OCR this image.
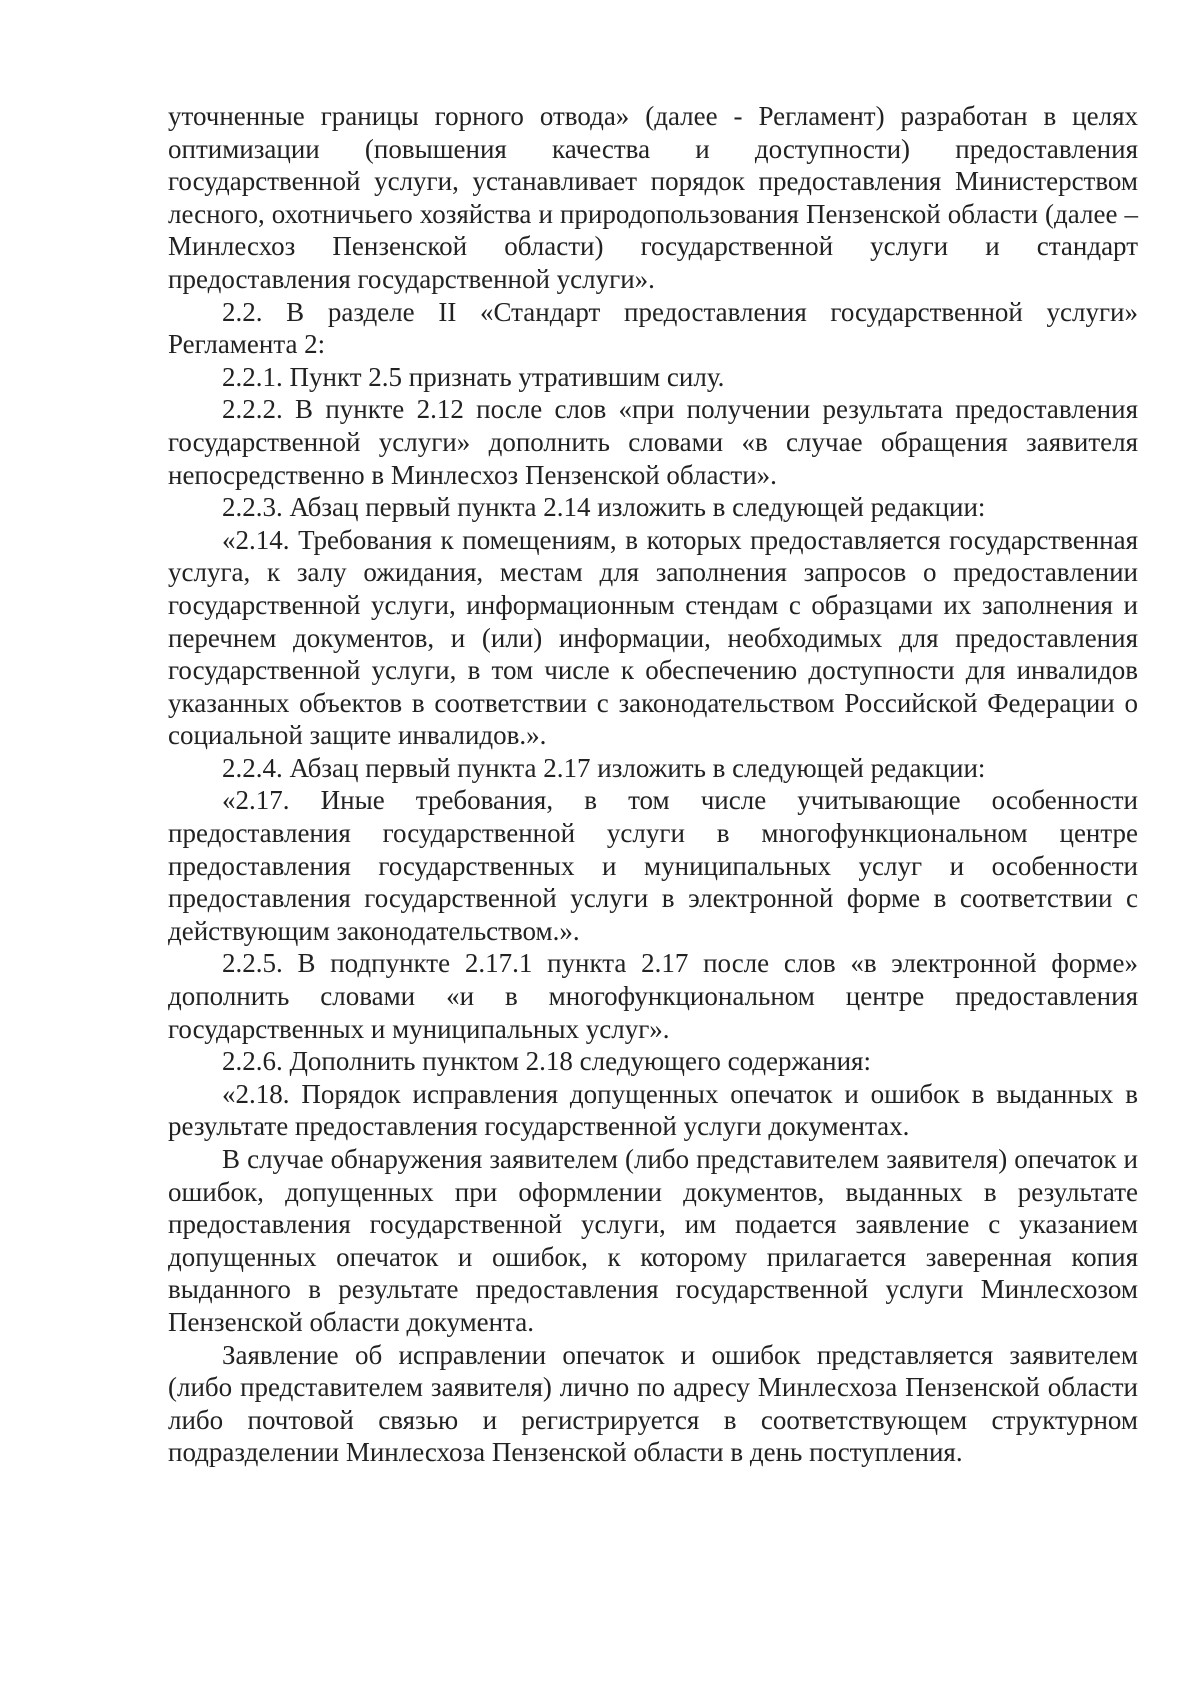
уточненные границы горного отвода» (далее - Регламент) разработан в целях оптимизации (повышения качества и доступности) предоставления государственной услуги, устанавливает порядок предоставления Министерством лесного, охотничьего хозяйства и природопользования Пензенской области (далее – Минлесхоз Пензенской области) государственной услуги и стандарт предоставления государственной услуги».

2.2. В разделе II «Стандарт предоставления государственной услуги» Регламента 2:

2.2.1. Пункт 2.5 признать утратившим силу.

2.2.2. В пункте 2.12 после слов «при получении результата предоставления государственной услуги» дополнить словами «в случае обращения заявителя непосредственно в Минлесхоз Пензенской области».

2.2.3. Абзац первый пункта 2.14 изложить в следующей редакции:

«2.14. Требования к помещениям, в которых предоставляется государственная услуга, к залу ожидания, местам для заполнения запросов о предоставлении государственной услуги, информационным стендам с образцами их заполнения и перечнем документов, и (или) информации, необходимых для предоставления государственной услуги, в том числе к обеспечению доступности для инвалидов указанных объектов в соответствии с законодательством Российской Федерации о социальной защите инвалидов.».

2.2.4. Абзац первый пункта 2.17 изложить в следующей редакции:

«2.17. Иные требования, в том числе учитывающие особенности предоставления государственной услуги в многофункциональном центре предоставления государственных и муниципальных услуг и особенности предоставления государственной услуги в электронной форме в соответствии с действующим законодательством.».

2.2.5. В подпункте 2.17.1 пункта 2.17 после слов «в электронной форме» дополнить словами «и в многофункциональном центре предоставления государственных и муниципальных услуг».

2.2.6. Дополнить пунктом 2.18 следующего содержания:

«2.18. Порядок исправления допущенных опечаток и ошибок в выданных в результате предоставления государственной услуги документах.

В случае обнаружения заявителем (либо представителем заявителя) опечаток и ошибок, допущенных при оформлении документов, выданных в результате предоставления государственной услуги, им подается заявление с указанием допущенных опечаток и ошибок, к которому прилагается заверенная копия выданного в результате предоставления государственной услуги Минлесхозом Пензенской области документа.

Заявление об исправлении опечаток и ошибок представляется заявителем (либо представителем заявителя) лично по адресу Минлесхоза Пензенской области либо почтовой связью и регистрируется в соответствующем структурном подразделении Минлесхоза Пензенской области в день поступления.
